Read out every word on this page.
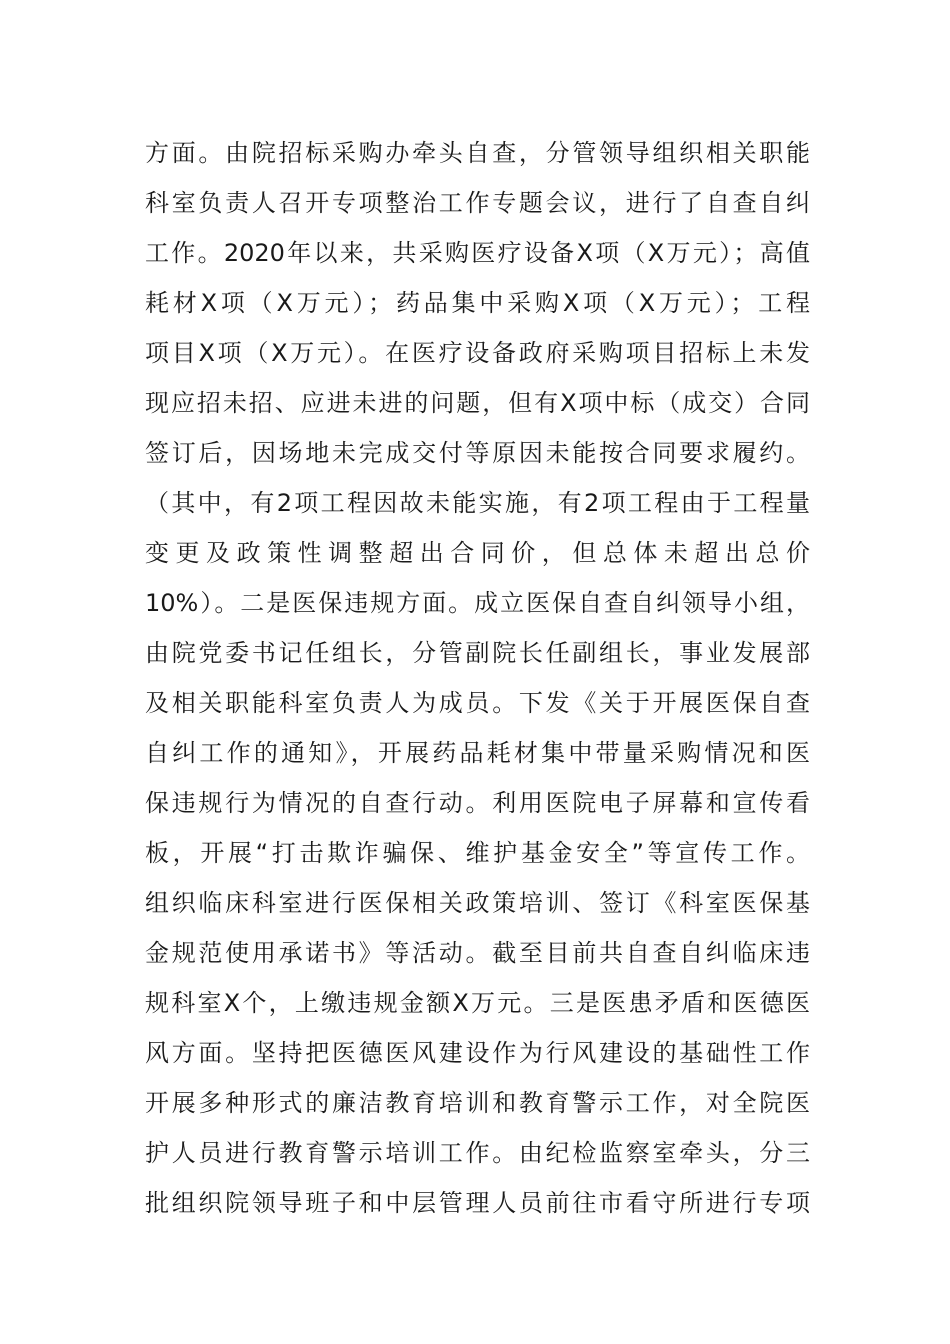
方面。由院招标采购办牵头自查，分管领导组织相关职能
科室负责人召开专项整治工作专题会议，进行了自查自纠
工作。2020年以来，共采购医疗设备X项（X万元）；高值
耗材X项（X万元）；药品集中采购X项（X万元）；工程
项目X项（X万元）。在医疗设备政府采购项目招标上未发
现应招未招、应进未进的问题，但有X项中标（成交）合同
签订后，因场地未完成交付等原因未能按合同要求履约。
（其中，有2项工程因故未能实施，有2项工程由于工程量
变更及政策性调整超出合同价，但总体未超出总价
10%）。二是医保违规方面。成立医保自查自纠领导小组，
由院党委书记任组长，分管副院长任副组长，事业发展部
及相关职能科室负责人为成员。下发《关于开展医保自查
自纠工作的通知》，开展药品耗材集中带量采购情况和医
保违规行为情况的自查行动。利用医院电子屏幕和宣传看
板，开展“打击欺诈骗保、维护基金安全”等宣传工作。
组织临床科室进行医保相关政策培训、签订《科室医保基
金规范使用承诺书》等活动。截至目前共自查自纠临床违
规科室X个，上缴违规金额X万元。三是医患矛盾和医德医
风方面。坚持把医德医风建设作为行风建设的基础性工作
开展多种形式的廉洁教育培训和教育警示工作，对全院医
护人员进行教育警示培训工作。由纪检监察室牵头，分三
批组织院领导班子和中层管理人员前往市看守所进行专项
